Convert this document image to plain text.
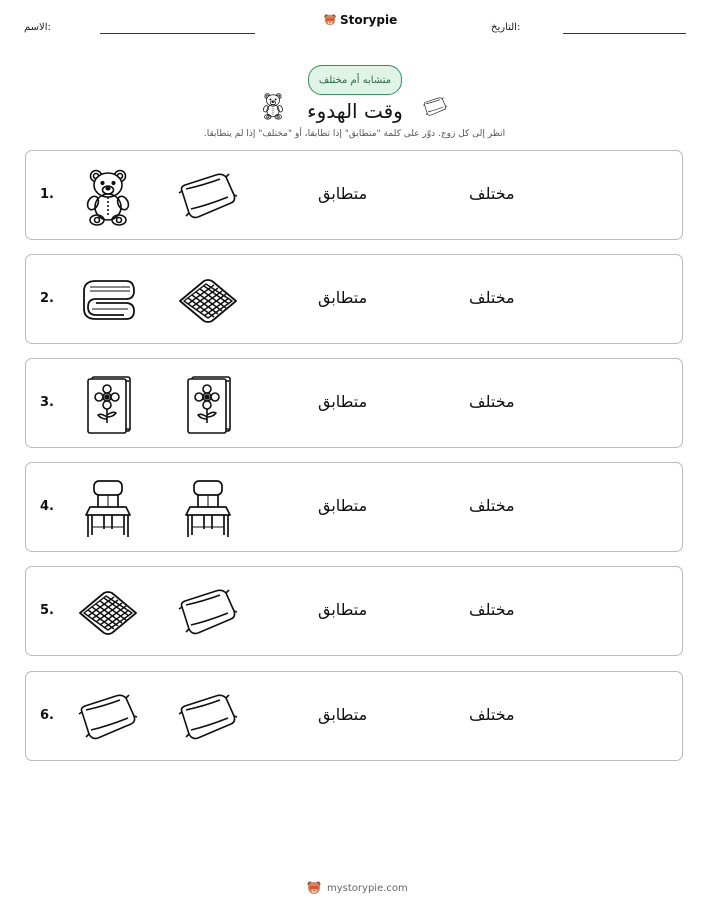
الاسم:
Storypie
التاريخ:
متشابه أم مختلف
وقت الهدوء
انظر إلى كل زوج. دوّر على كلمة "متطابق" إذا تطابقا، أو "مختلف" إذا لم يتطابقا.
1.	متطابق	مختلف
2.	متطابق	مختلف
3.	متطابق	مختلف
4.	متطابق	مختلف
5.	متطابق	مختلف
6.	متطابق	مختلف
mystorypie.com
